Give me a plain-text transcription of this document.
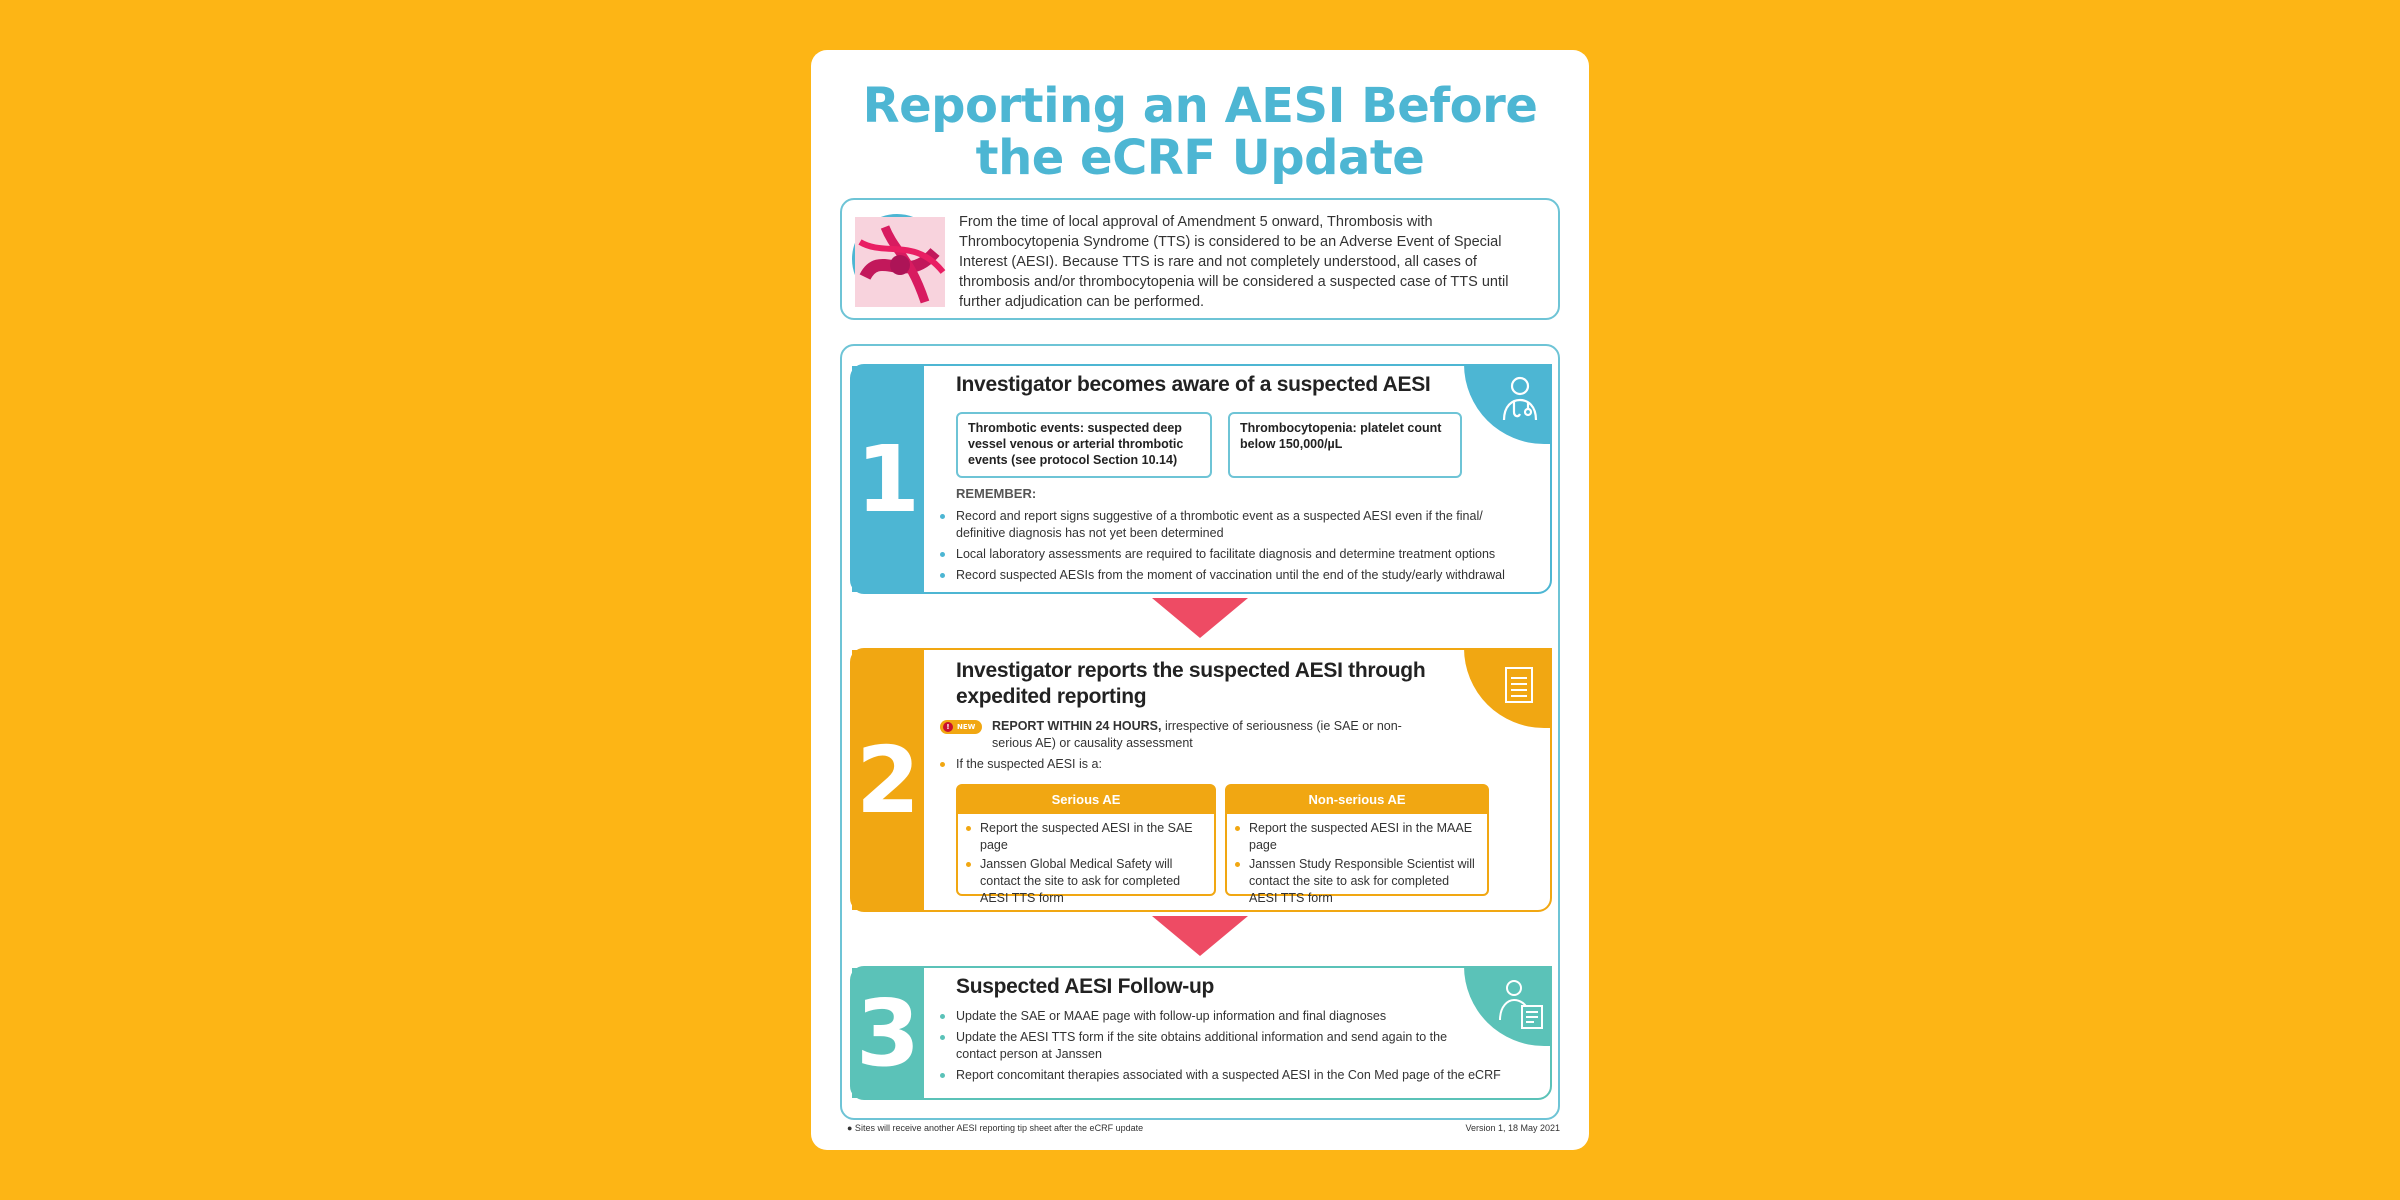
Reporting an AESI Before
the eCRF Update
From the time of local approval of Amendment 5 onward, Thrombosis with Thrombocytopenia Syndrome (TTS) is considered to be an Adverse Event of Special Interest (AESI). Because TTS is rare and not completely understood, all cases of thrombosis and/or thrombocytopenia will be considered a suspected case of TTS until further adjudication can be performed.
1
Investigator becomes aware of a suspected AESI
Thrombotic events: suspected deep vessel venous or arterial thrombotic events (see protocol Section 10.14)
Thrombocytopenia: platelet count below 150,000/µL
REMEMBER:
Record and report signs suggestive of a thrombotic event as a suspected AESI even if the final/ definitive diagnosis has not yet been determined
Local laboratory assessments are required to facilitate diagnosis and determine treatment options
Record suspected AESIs from the moment of vaccination until the end of the study/early withdrawal
2
Investigator reports the suspected AESI through expedited reporting
!	NEW REPORT WITHIN 24 HOURS, irrespective of seriousness (ie SAE or non-serious AE) or causality assessment
If the suspected AESI is a:
Serious AE
Report the suspected AESI in the SAE page
Janssen Global Medical Safety will contact the site to ask for completed AESI TTS form
Non-serious AE
Report the suspected AESI in the MAAE page
Janssen Study Responsible Scientist will contact the site to ask for completed AESI TTS form
3 Suspected AESI Follow-up
Update the SAE or MAAE page with follow-up information and final diagnoses
Update the AESI TTS form if the site obtains additional information and send again to the contact person at Janssen
Report concomitant therapies associated with a suspected AESI in the Con Med page of the eCRF
● Sites will receive another AESI reporting tip sheet after the eCRF update	Version 1, 18 May 2021
